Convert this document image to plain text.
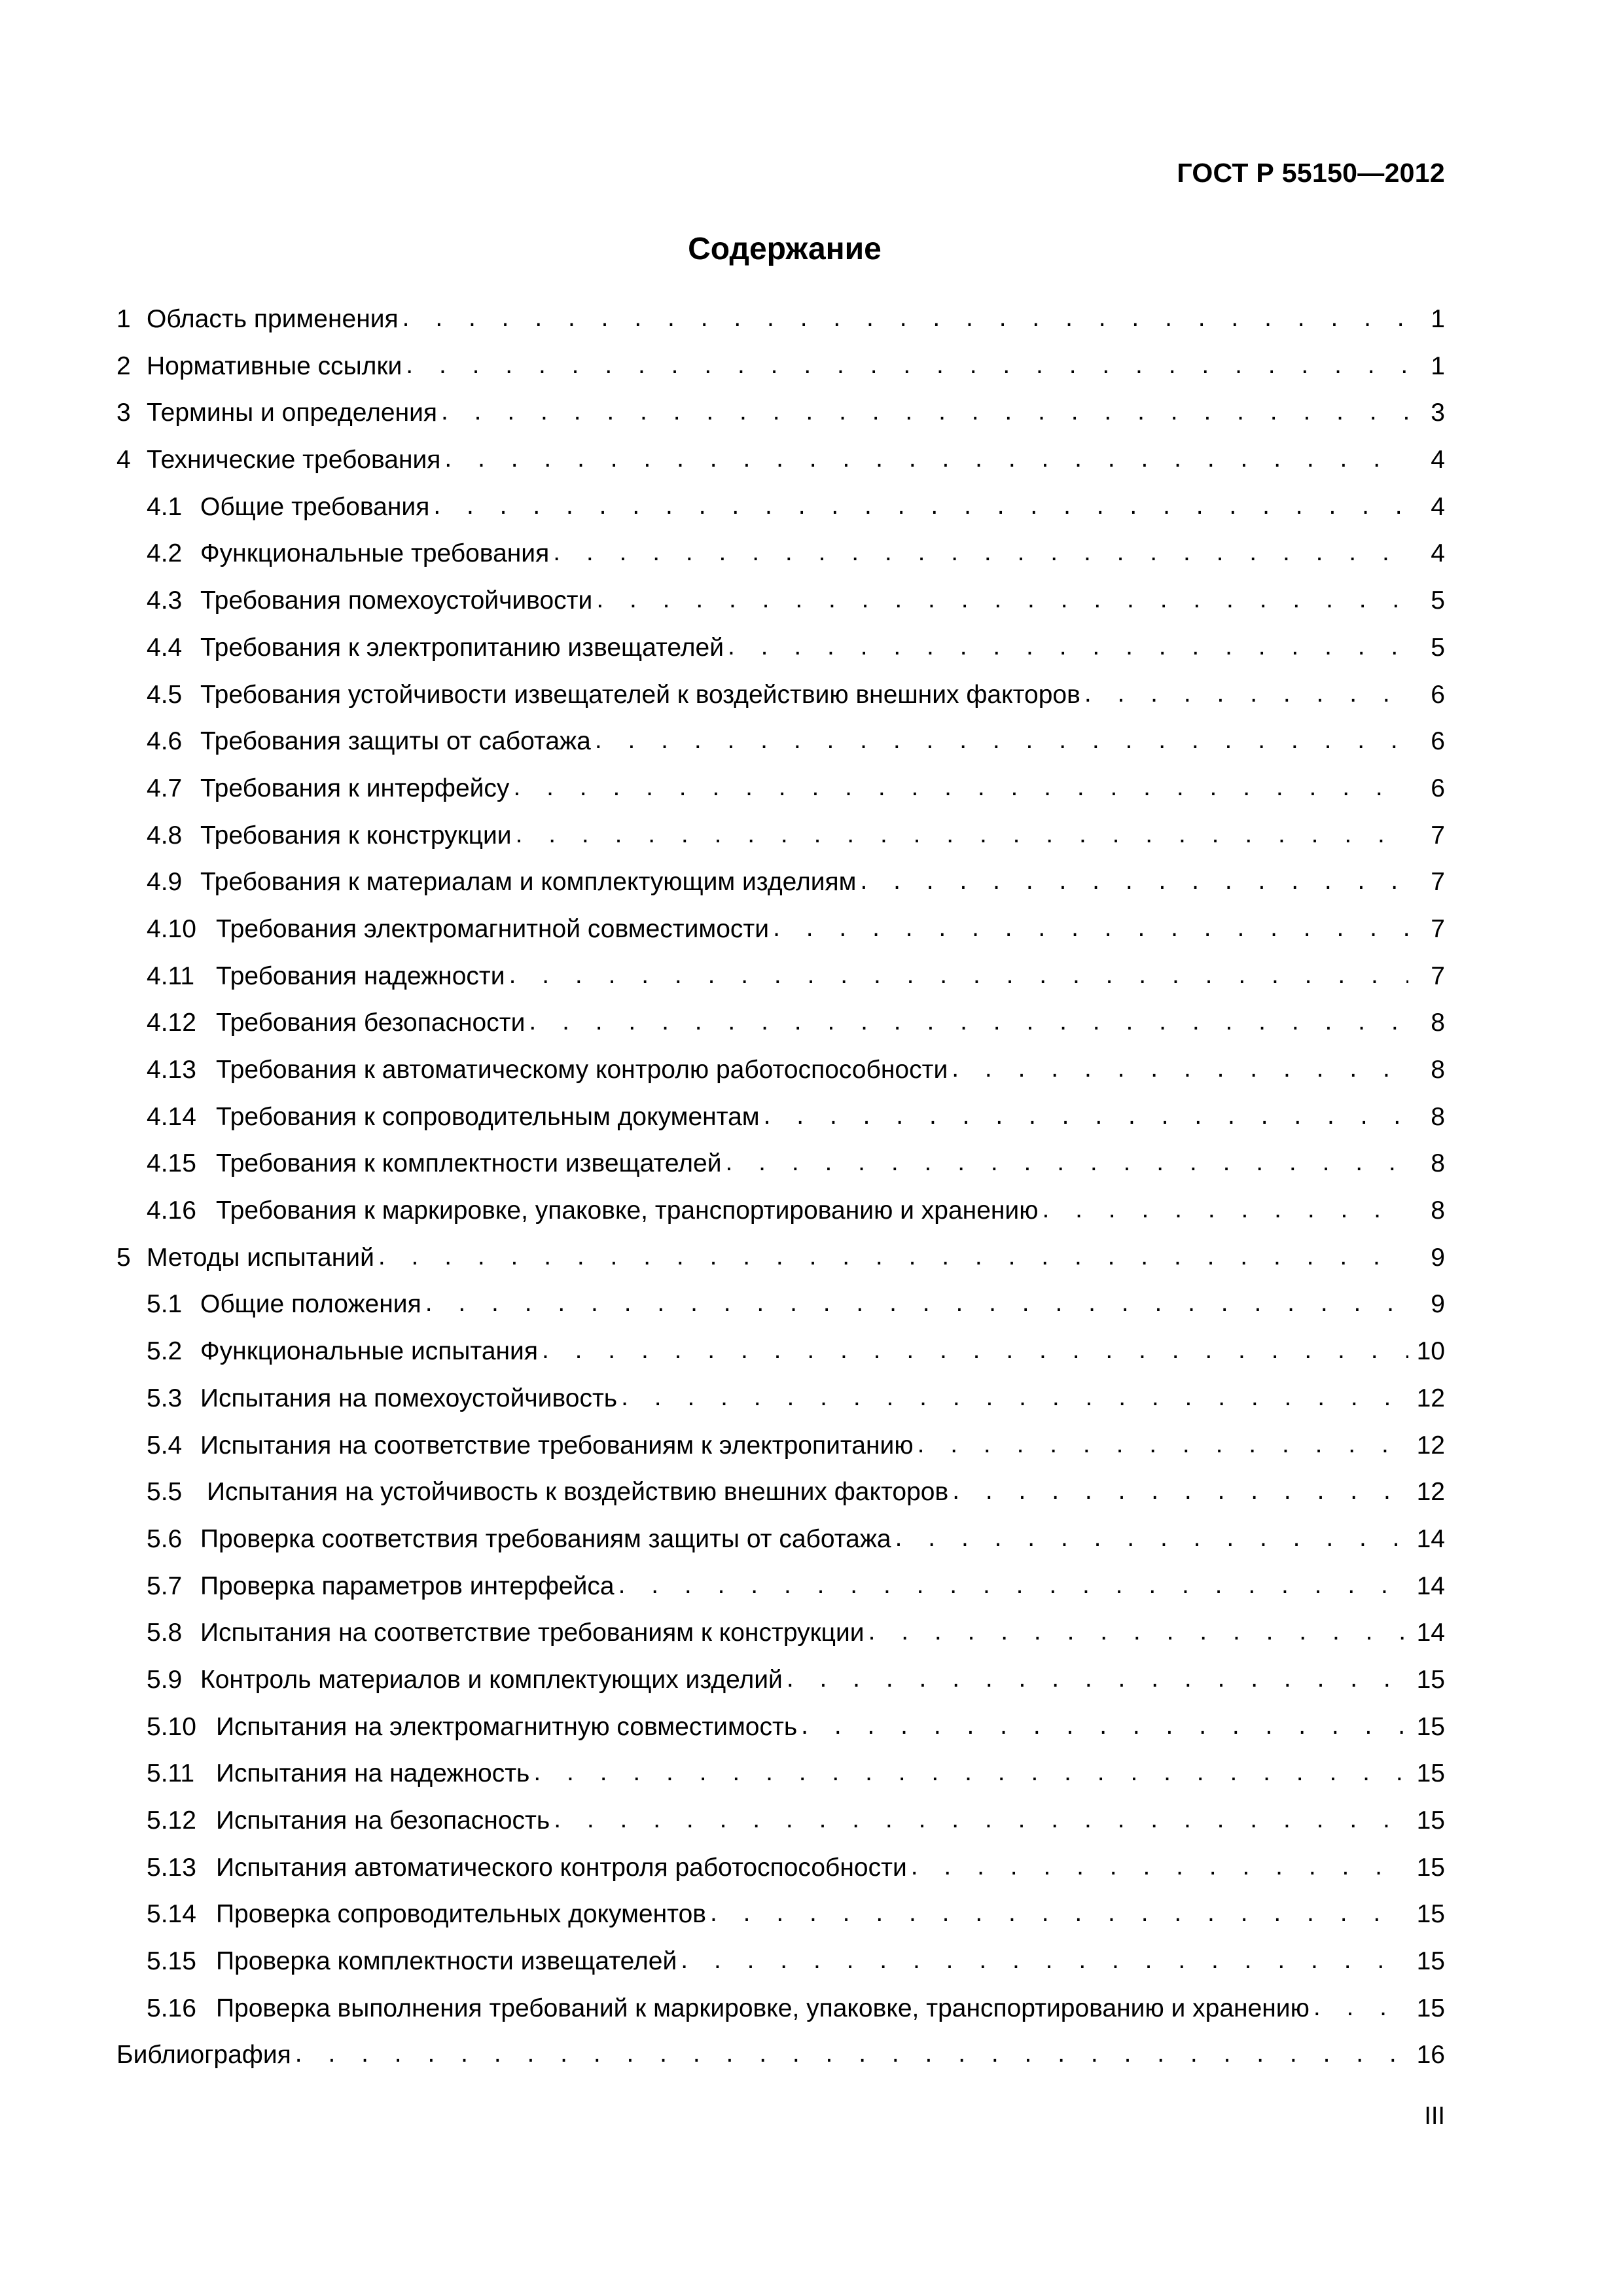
ГОСТ Р 55150—2012
Содержание
1 Область применения . . .	1
2 Нормативные ссылки . . .	1
3 Термины и определения . . .	3
4 Технические требования . . .	4
4.1 Общие требования . . .	4
4.2 Функциональные требования . . .	4
4.3 Требования помехоустойчивости . . .	5
4.4 Требования к электропитанию извещателей . . .	5
4.5 Требования устойчивости извещателей к воздействию внешних факторов . . .	6
4.6 Требования защиты от саботажа . . .	6
4.7 Требования к интерфейсу . . .	6
4.8 Требования к конструкции . . .	7
4.9 Требования к материалам и комплектующим изделиям . . .	7
4.10 Требования электромагнитной совместимости . . .	7
4.11 Требования надежности . . .	7
4.12 Требования безопасности . . .	8
4.13 Требования к автоматическому контролю работоспособности . . .	8
4.14 Требования к сопроводительным документам . . .	8
4.15 Требования к комплектности извещателей . . .	8
4.16 Требования к маркировке, упаковке, транспортированию и хранению . . .	8
5 Методы испытаний . . .	9
5.1 Общие положения . . .	9
5.2 Функциональные испытания . . .	10
5.3 Испытания на помехоустойчивость . . .	12
5.4 Испытания на соответствие требованиям к электропитанию . . .	12
5.5 Испытания на устойчивость к воздействию внешних факторов . . .	12
5.6 Проверка соответствия требованиям защиты от саботажа . . .	14
5.7 Проверка параметров интерфейса . . .	14
5.8 Испытания на соответствие требованиям к конструкции . . .	14
5.9 Контроль материалов и комплектующих изделий . . .	15
5.10 Испытания на электромагнитную совместимость . . .	15
5.11 Испытания на надежность . . .	15
5.12 Испытания на безопасность . . .	15
5.13 Испытания автоматического контроля работоспособности . . .	15
5.14 Проверка сопроводительных документов . . .	15
5.15 Проверка комплектности извещателей . . .	15
5.16 Проверка выполнения требований к маркировке, упаковке, транспортированию и хранению . . .	15
Библиография . . .	16
III
